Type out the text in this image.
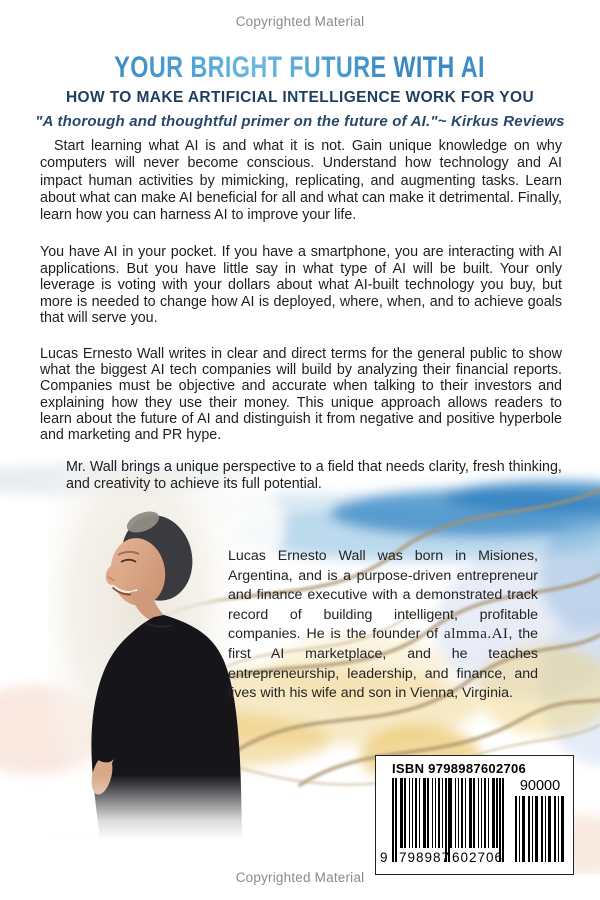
Copyrighted Material
YOUR BRIGHT FUTURE WITH AI
HOW TO MAKE ARTIFICIAL INTELLIGENCE WORK FOR YOU
"A thorough and thoughtful primer on the future of AI."~ Kirkus Reviews

Start learning what AI is and what it is not. Gain unique knowledge on why computers will never become conscious. Understand how technology and AI impact human activities by mimicking, replicating, and augmenting tasks. Learn about what can make AI beneficial for all and what can make it detrimental. Finally, learn how you can harness AI to improve your life.

You have AI in your pocket. If you have a smartphone, you are interacting with AI applications. But you have little say in what type of AI will be built. Your only leverage is voting with your dollars about what AI-built technology you buy, but more is needed to change how AI is deployed, where, when, and to achieve goals that will serve you.

Lucas Ernesto Wall writes in clear and direct terms for the general public to show what the biggest AI tech companies will build by analyzing their financial reports. Companies must be objective and accurate when talking to their investors and explaining how they use their money. This unique approach allows readers to learn about the future of AI and distinguish it from negative and positive hyperbole and marketing and PR hype.

Mr. Wall brings a unique perspective to a field that needs clarity, fresh thinking, and creativity to achieve its full potential.

Lucas Ernesto Wall was born in Misiones, Argentina, and is a purpose-driven entrepreneur and finance executive with a demonstrated track record of building intelligent, profitable companies. He is the founder of almma.AI, the first AI marketplace, and he teaches entrepreneurship, leadership, and finance, and lives with his wife and son in Vienna, Virginia.

ISBN 9798987602706
9 798987 602706
90000
Copyrighted Material
